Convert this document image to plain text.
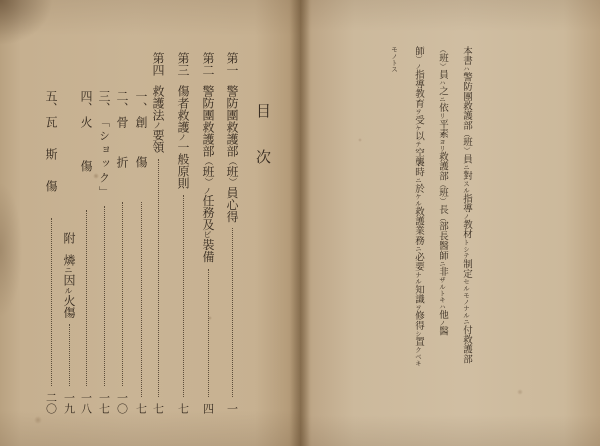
目次
第一
警防團救護部（班）員心得
一
第二
警防團救護部（班）ノ任務及ビ裝備
四
第三
傷者救護ノ一般原則
七
第四
救護法ノ要領
七
一、
創傷
七
二、
骨折
一〇
三、
「ショック」
一七
四、
火傷
一八
附
燐ニ因ル火傷
一九
五、
瓦斯傷
二〇
本書ハ警防團救護部（班）員ニ對スル指導ノ教材トシテ制定セルモノナルニ付救護部
（班）員ハ之ニ依リ平素ヨリ救護部（班）長（部長醫師ニ非ザルトキハ他ノ醫
師）ノ指導教育ヲ受ケ以テ空襲時ニ於ケル救護業務ニ必要ナル知識ヲ修得シ置クベキ
モノトス
